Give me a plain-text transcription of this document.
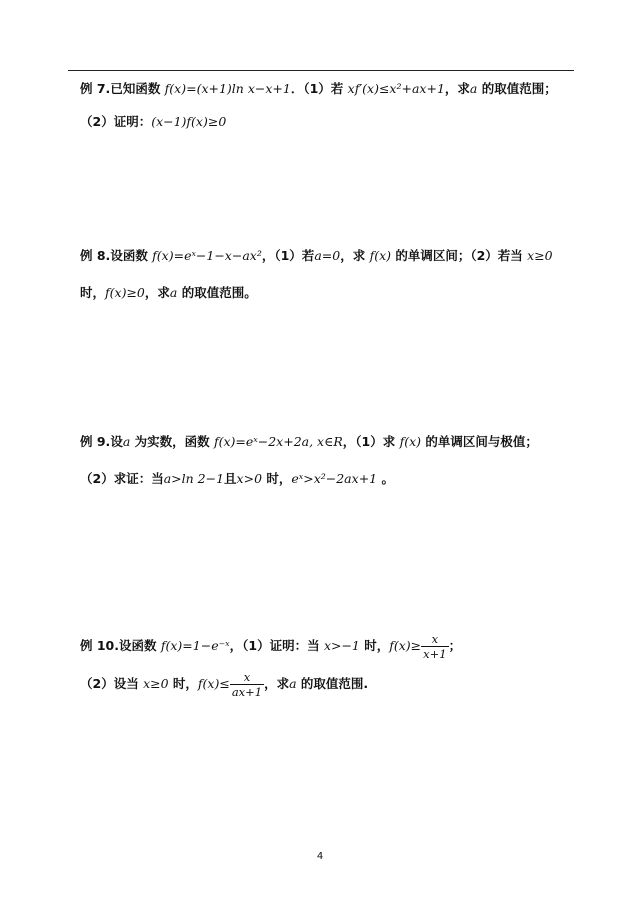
例 7.已知函数 f(x)=(x+1)ln x−x+1．（1）若 xf′(x)≤x²+ax+1，求a 的取值范围；
（2）证明：(x−1)f(x)≥0
例 8.设函数 f(x)=eˣ−1−x−ax²，（1）若a=0，求 f(x) 的单调区间；（2）若当 x≥0
时，f(x)≥0，求a 的取值范围。
例 9.设a 为实数，函数 f(x)=eˣ−2x+2a, x∈R，（1）求 f(x) 的单调区间与极值；
（2）求证：当a>ln 2−1且x>0 时，eˣ>x²−2ax+1 。
例 10.设函数 f(x)=1−e⁻ˣ，（1）证明：当 x>−1 时，$f(x)\ge \frac{x}{x+1}$ ；
（2）设当 x≥0 时，$f(x)\le \frac{x}{ax+1}$ ，求a 的取值范围.
4
